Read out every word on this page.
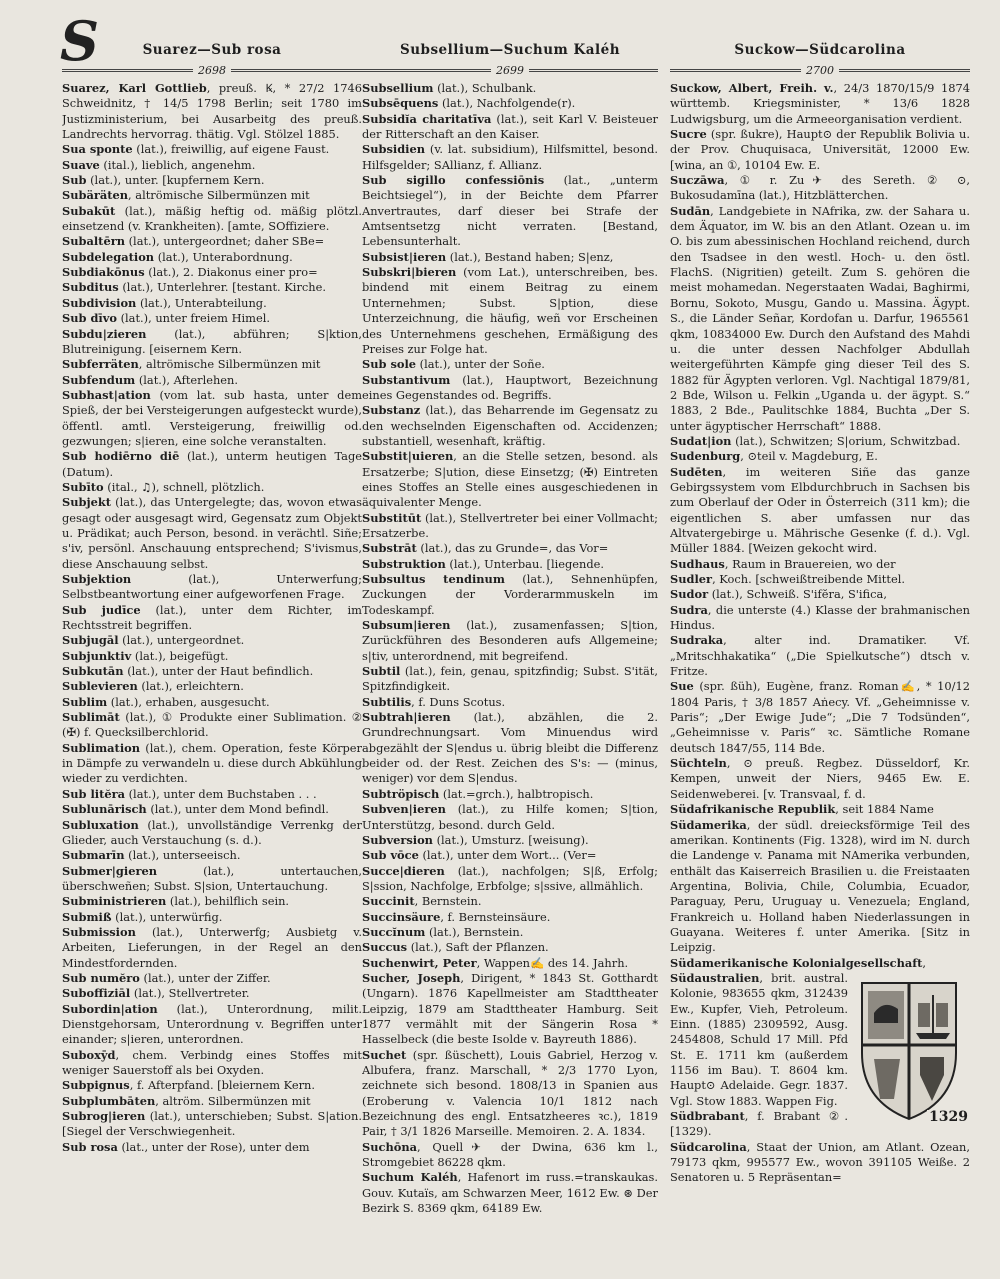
S	Suarez—Sub rosa
2698

Suarez, Karl Gottlieb, preuß. Ꝃ, * 27/2 1746 Schweidnitz, † 14/5 1798 Berlin; seit 1780 im Justizministerium, bei Ausarbeitg des preuß. Landrechts hervorrag. thätig. Vgl. Stölzel 1885.

Sua sponte (lat.), freiwillig, auf eigene Faust.

Suave (ital.), lieblich, angenehm.

Sub (lat.), unter. [kupfernem Kern.

Subäräten, altrömische Silbermünzen mit

Subakūt (lat.), mäßig heftig od. mäßig plötzl. einsetzend (v. Krankheiten). [amte, SOffiziere.

Subaltērn (lat.), untergeordnet; daher SBe=

Subdelegation (lat.), Unterabordnung.

Subdiakōnus (lat.), 2. Diakonus einer pro=

Subditus (lat.), Unterlehrer. [testant. Kirche.

Subdivision (lat.), Unterabteilung.

Sub dīvo (lat.), unter freiem Himel.

Subdu|zieren (lat.), abführen; S|ktion, Blutreinigung. [eisernem Kern.

Subferräten, altrömische Silbermünzen mit

Subfendum (lat.), Afterlehen.

Subhast|ation (vom lat. sub hasta, unter dem Spieß, der bei Versteigerungen aufgesteckt wurde), öffentl. amtl. Versteigerung, freiwillig od. gezwungen; s|ieren, eine solche veranstalten.

Sub hodiērno diē (lat.), unterm heutigen Tage (Datum).

Subīto (ital., ♫), schnell, plötzlich.

Subjekt (lat.), das Untergelegte; das, wovon etwas gesagt oder ausgesagt wird, Gegensatz zum Objekt u. Prädikat; auch Person, besond. in verächtl. Siñe; s'iv, persönl. Anschauung entsprechend; S'ivismus, diese Anschauung selbst.

Subjektion (lat.), Unterwerfung; Selbstbeantwortung einer aufgeworfenen Frage.

Sub judīce (lat.), unter dem Richter, im Rechtsstreit begriffen.

Subjugāl (lat.), untergeordnet.

Subjunktiv (lat.), beigefügt.

Subkutān (lat.), unter der Haut befindlich.

Sublevieren (lat.), erleichtern.

Sublim (lat.), erhaben, ausgesucht.

Sublimāt (lat.), ① Produkte einer Sublimation. ② (✠) f. Quecksilberchlorid.

Sublimation (lat.), chem. Operation, feste Körper in Dämpfe zu verwandeln u. diese durch Abkühlung wieder zu verdichten.

Sub litĕra (lat.), unter dem Buchstaben . . .

Sublunārisch (lat.), unter dem Mond befindl.

Subluxation (lat.), unvollständige Verrenkg der Glieder, auch Verstauchung (s. d.).

Submarīn (lat.), unterseeisch.

Submer|gieren (lat.), untertauchen, überschweñen; Subst. S|sion, Untertauchung.

Subministrieren (lat.), behilflich sein.

Submiß (lat.), unterwürfig.

Submission (lat.), Unterwerfg; Ausbietg v. Arbeiten, Lieferungen, in der Regel an den Mindestfordernden.

Sub numĕro (lat.), unter der Ziffer.

Suboffiziāl (lat.), Stellvertreter.

Subordin|ation (lat.), Unterordnung, milit. Dienstgehorsam, Unterordnung v. Begriffen unter einander; s|ieren, unterordnen.

Suboxȳd, chem. Verbindg eines Stoffes mit weniger Sauerstoff als bei Oxyden.

Subpignus, f. Afterpfand. [bleiernem Kern.

Subplumbāten, altröm. Silbermünzen mit

Subrog|ieren (lat.), unterschieben; Subst. S|ation. [Siegel der Verschwiegenheit.

Sub rosa (lat., unter der Rose), unter dem

Subsellium—Suchum Kaléh
2699

Subsellium (lat.), Schulbank.

Subsēquens (lat.), Nachfolgende(r).

Subsidĭa charitatīva (lat.), seit Karl V. Beisteuer der Ritterschaft an den Kaiser.

Subsidien (v. lat. subsidium), Hilfsmittel, besond. Hilfsgelder; SAllianz, f. Allianz.

Sub sigillo confessiōnis (lat., „unterm Beichtsiegel“), in der Beichte dem Pfarrer Anvertrautes, darf dieser bei Strafe der Amtsentsetzg nicht verraten. [Bestand, Lebensunterhalt.

Subsist|ieren (lat.), Bestand haben; S|enz,

Subskri|bieren (vom Lat.), unterschreiben, bes. bindend mit einem Beitrag zu einem Unternehmen; Subst. S|ption, diese Unterzeichnung, die häufig, weñ vor Erscheinen des Unternehmens geschehen, Ermäßigung des Preises zur Folge hat.

Sub sole (lat.), unter der Soñe.

Substantivum (lat.), Hauptwort, Bezeichnung eines Gegenstandes od. Begriffs.

Substanz (lat.), das Beharrende im Gegensatz zu den wechselnden Eigenschaften od. Accidenzen; substantiell, wesenhaft, kräftig.

Substit|uieren, an die Stelle setzen, besond. als Ersatzerbe; S|ution, diese Einsetzg; (✠) Eintreten eines Stoffes an Stelle eines ausgeschiedenen in äquivalenter Menge.

Substitūt (lat.), Stellvertreter bei einer Vollmacht; Ersatzerbe.

Substrāt (lat.), das zu Grunde=, das Vor=

Substruktion (lat.), Unterbau. [liegende.

Subsultus tendinum (lat.), Sehnenhüpfen, Zuckungen der Vorderarmmuskeln im Todeskampf.

Subsum|ieren (lat.), zusamenfassen; S|tion, Zurückführen des Besonderen aufs Allgemeine; s|tiv, unterordnend, mit begreifend.

Subtil (lat.), fein, genau, spitzfindig; Subst. S'ität, Spitzfindigkeit.

Subtilis, f. Duns Scotus.

Subtrah|ieren (lat.), abzählen, die 2. Grundrechnungsart. Vom Minuendus wird abgezählt der S|endus u. übrig bleibt die Differenz beider od. der Rest. Zeichen des S's: — (minus, weniger) vor dem S|endus.

Subtröpisch (lat.=grch.), halbtropisch.

Subven|ieren (lat.), zu Hilfe komen; S|tion, Unterstützg, besond. durch Geld.

Subversion (lat.), Umsturz. [weisung).

Sub vōce (lat.), unter dem Wort... (Ver=

Succe|dieren (lat.), nachfolgen; S|ß, Erfolg; S|ssion, Nachfolge, Erbfolge; s|ssive, allmählich.

Succinit, Bernstein.

Succinsäure, f. Bernsteinsäure.

Succĭnum (lat.), Bernstein.

Succus (lat.), Saft der Pflanzen.

Suchenwirt, Peter, Wappen✍ des 14. Jahrh.

Sucher, Joseph, Dirigent, * 1843 St. Gotthardt (Ungarn). 1876 Kapellmeister am Stadttheater Leipzig, 1879 am Stadttheater Hamburg. Seit 1877 vermählt mit der Sängerin Rosa * Hasselbeck (die beste Isolde v. Bayreuth 1886).

Suchet (spr. ßüschett), Louis Gabriel, Herzog v. Albufera, franz. Marschall, * 2/3 1770 Lyon, zeichnete sich besond. 1808/13 in Spanien aus (Eroberung v. Valencia 10/1 1812 nach Bezeichnung des engl. Entsatzheeres ꝛc.), 1819 Pair, † 3/1 1826 Marseille. Memoiren. 2. A. 1834.

Suchōna, Quell✈ der Dwina, 636 km l., Stromgebiet 86228 qkm.

Suchum Kaléh, Hafenort im russ.=transkaukas. Gouv. Kutaïs, am Schwarzen Meer, 1612 Ew. ⊛ Der Bezirk S. 8369 qkm, 64189 Ew.

Suckow—Südcarolina
2700

Suckow, Albert, Freih. v., 24/3 1870/15/9 1874 württemb. Kriegsminister, * 13/6 1828 Ludwigsburg, um die Armeeorganisation verdient.

Sucre (spr. ßukre), Haupt⊙ der Republik Bolivia u. der Prov. Chuquisaca, Universität, 12000 Ew. [wina, an ①, 10104 Ew. E.

Suczāwa, ① r. Zu✈ des Sereth. ② ⊙, Bukosudamīna (lat.), Hitzblätterchen.

Sudān, Landgebiete in NAfrika, zw. der Sahara u. dem Äquator, im W. bis an den Atlant. Ozean u. im O. bis zum abessinischen Hochland reichend, durch den Tsadsee in den westl. Hoch- u. den östl. FlachS. (Nigritien) geteilt. Zum S. gehören die meist mohamedan. Negerstaaten Wadai, Baghirmi, Bornu, Sokoto, Musgu, Gando u. Massina. Ägypt. S., die Länder Señar, Kordofan u. Darfur, 1965561 qkm, 10834000 Ew. Durch den Aufstand des Mahdi u. die unter dessen Nachfolger Abdullah weitergeführten Kämpfe ging dieser Teil des S. 1882 für Ägypten verloren. Vgl. Nachtigal 1879/81, 2 Bde, Wilson u. Felkin „Uganda u. der ägypt. S.“ 1883, 2 Bde., Paulitschke 1884, Buchta „Der S. unter ägyptischer Herrschaft“ 1888.

Sudat|ion (lat.), Schwitzen; S|orium, Schwitzbad.

Sudenburg, ⊙teil v. Magdeburg, E.

Sudēten, im weiteren Siñe das ganze Gebirgssystem vom Elbdurchbruch in Sachsen bis zum Oberlauf der Oder in Österreich (311 km); die eigentlichen S. aber umfassen nur das Altvatergebirge u. Mährische Gesenke (f. d.). Vgl. Müller 1884. [Weizen gekocht wird.

Sudhaus, Raum in Brauereien, wo der

Sudler, Koch. [schweißtreibende Mittel.

Sudor (lat.), Schweiß. S'ifĕra, S'ifica,

Sudra, die unterste (4.) Klasse der brahmanischen Hindus.

Sudraka, alter ind. Dramatiker. Vf. „Mritschhakatika“ („Die Spielkutsche“) dtsch v. Fritze.

Sue (spr. ßüh), Eugène, franz. Roman✍, * 10/12 1804 Paris, † 3/8 1857 Aṅecy. Vf. „Geheimnisse v. Paris“; „Der Ewige Jude“; „Die 7 Todsünden“, „Geheimnisse v. Paris“ ꝛc. Sämtliche Romane deutsch 1847/55, 114 Bde.

Süchteln, ⊙ preuß. Regbez. Düsseldorf, Kr. Kempen, unweit der Niers, 9465 Ew. E. Seidenweberei. [v. Transvaal, f. d.

Südafrikanische Republik, seit 1884 Name

Südamerika, der südl. dreiecksförmige Teil des amerikan. Kontinents (Fig. 1328), wird im N. durch die Landenge v. Panama mit NAmerika verbunden, enthält das Kaiserreich Brasilien u. die Freistaaten Argentina, Bolivia, Chile, Columbia, Ecuador, Paraguay, Peru, Uruguay u. Venezuela; England, Frankreich u. Holland haben Niederlassungen in Guayana. Weiteres f. unter Amerika. [Sitz in Leipzig.

Südamerikanische Kolonialgesellschaft,

1329
Südaustralien, brit. austral. Kolonie, 983655 qkm, 312439 Ew., Kupfer, Vieh, Petroleum. Einn. (1885) 2309592, Ausg. 2454808, Schuld 17 Mill. Pfd St. E. 1711 km (außerdem 1156 im Bau). T. 8604 km. Haupt⊙ Adelaide. Gegr. 1837. Vgl. Stow 1883. Wappen Fig.

Südbrabant, f. Brabant ②. [1329).

Südcarolina, Staat der Union, am Atlant. Ozean, 79173 qkm, 995577 Ew., wovon 391105 Weiße. 2 Senatoren u. 5 Repräsentan=
